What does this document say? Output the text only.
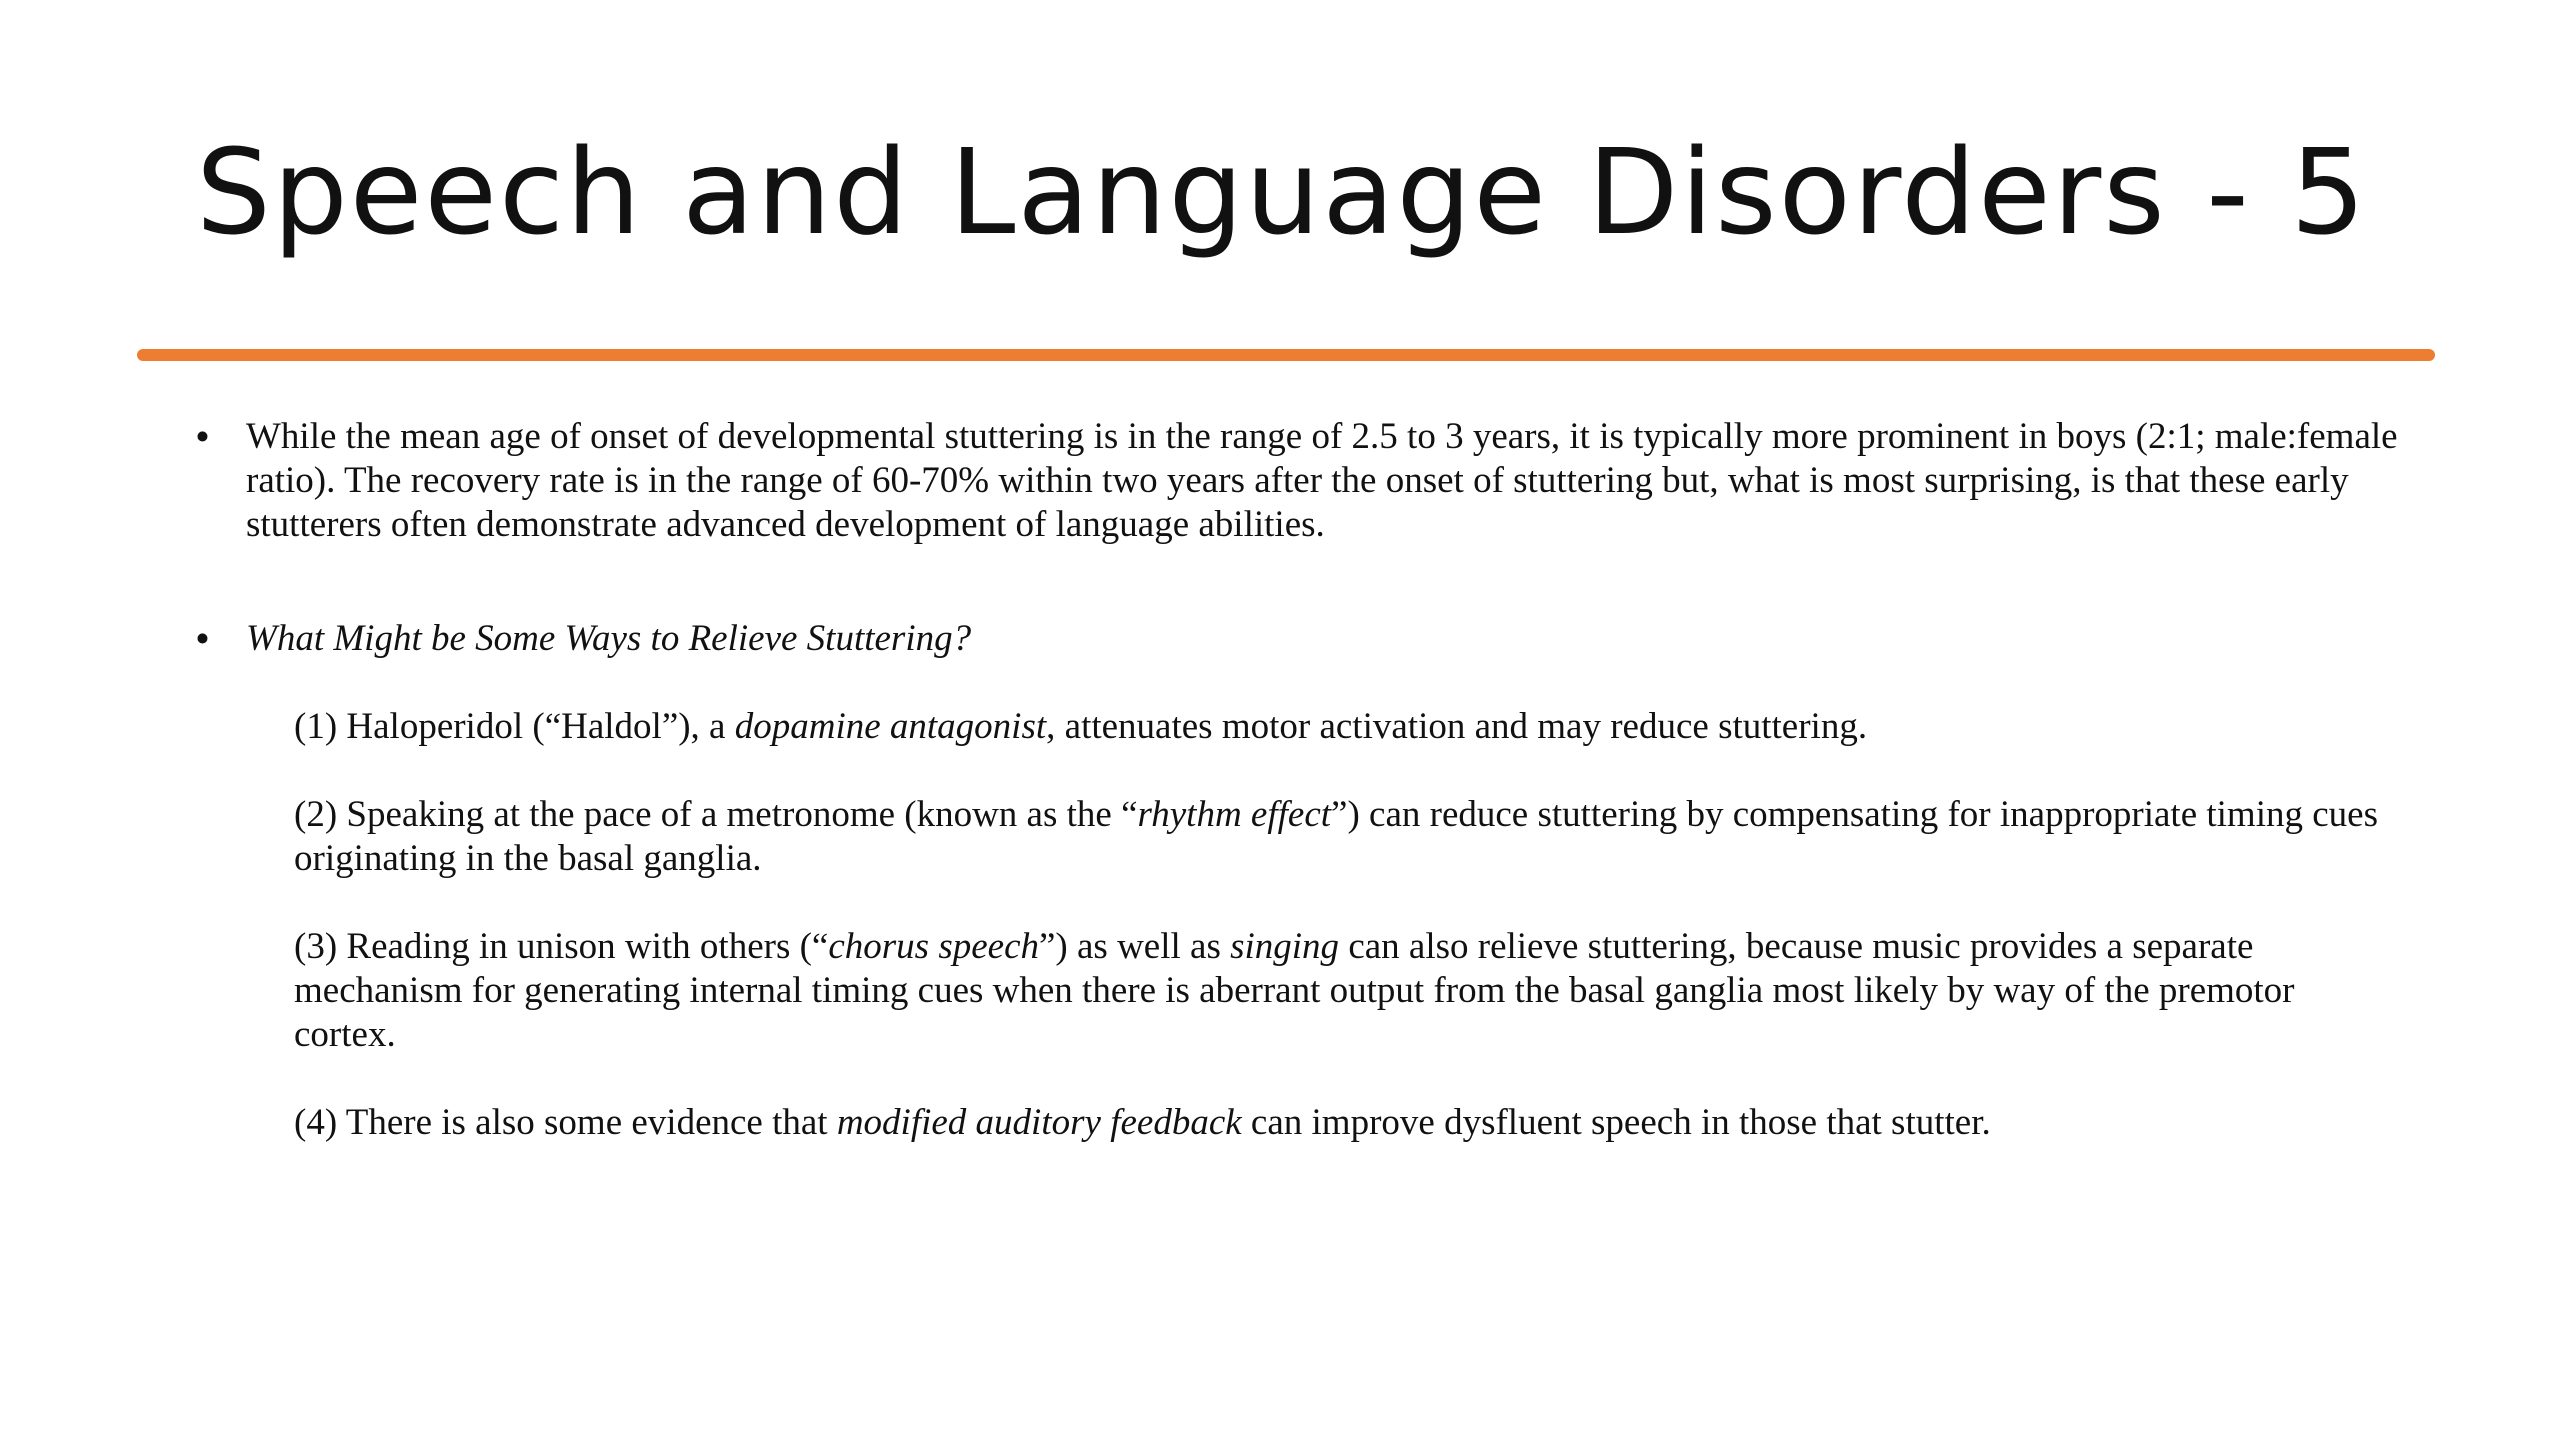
Speech and Language Disorders - 5

• While the mean age of onset of developmental stuttering is in the range of 2.5 to 3 years, it is typically more prominent in boys (2:1; male:female ratio). The recovery rate is in the range of 60-70% within two years after the onset of stuttering but, what is most surprising, is that these early stutterers often demonstrate advanced development of language abilities.

• What Might be Some Ways to Relieve Stuttering?

(1) Haloperidol (“Haldol”), a dopamine antagonist, attenuates motor activation and may reduce stuttering.

(2) Speaking at the pace of a metronome (known as the “rhythm effect”) can reduce stuttering by compensating for inappropriate timing cues originating in the basal ganglia.

(3) Reading in unison with others (“chorus speech”) as well as singing can also relieve stuttering, because music provides a separate mechanism for generating internal timing cues when there is aberrant output from the basal ganglia most likely by way of the premotor cortex.

(4) There is also some evidence that modified auditory feedback can improve dysfluent speech in those that stutter.
